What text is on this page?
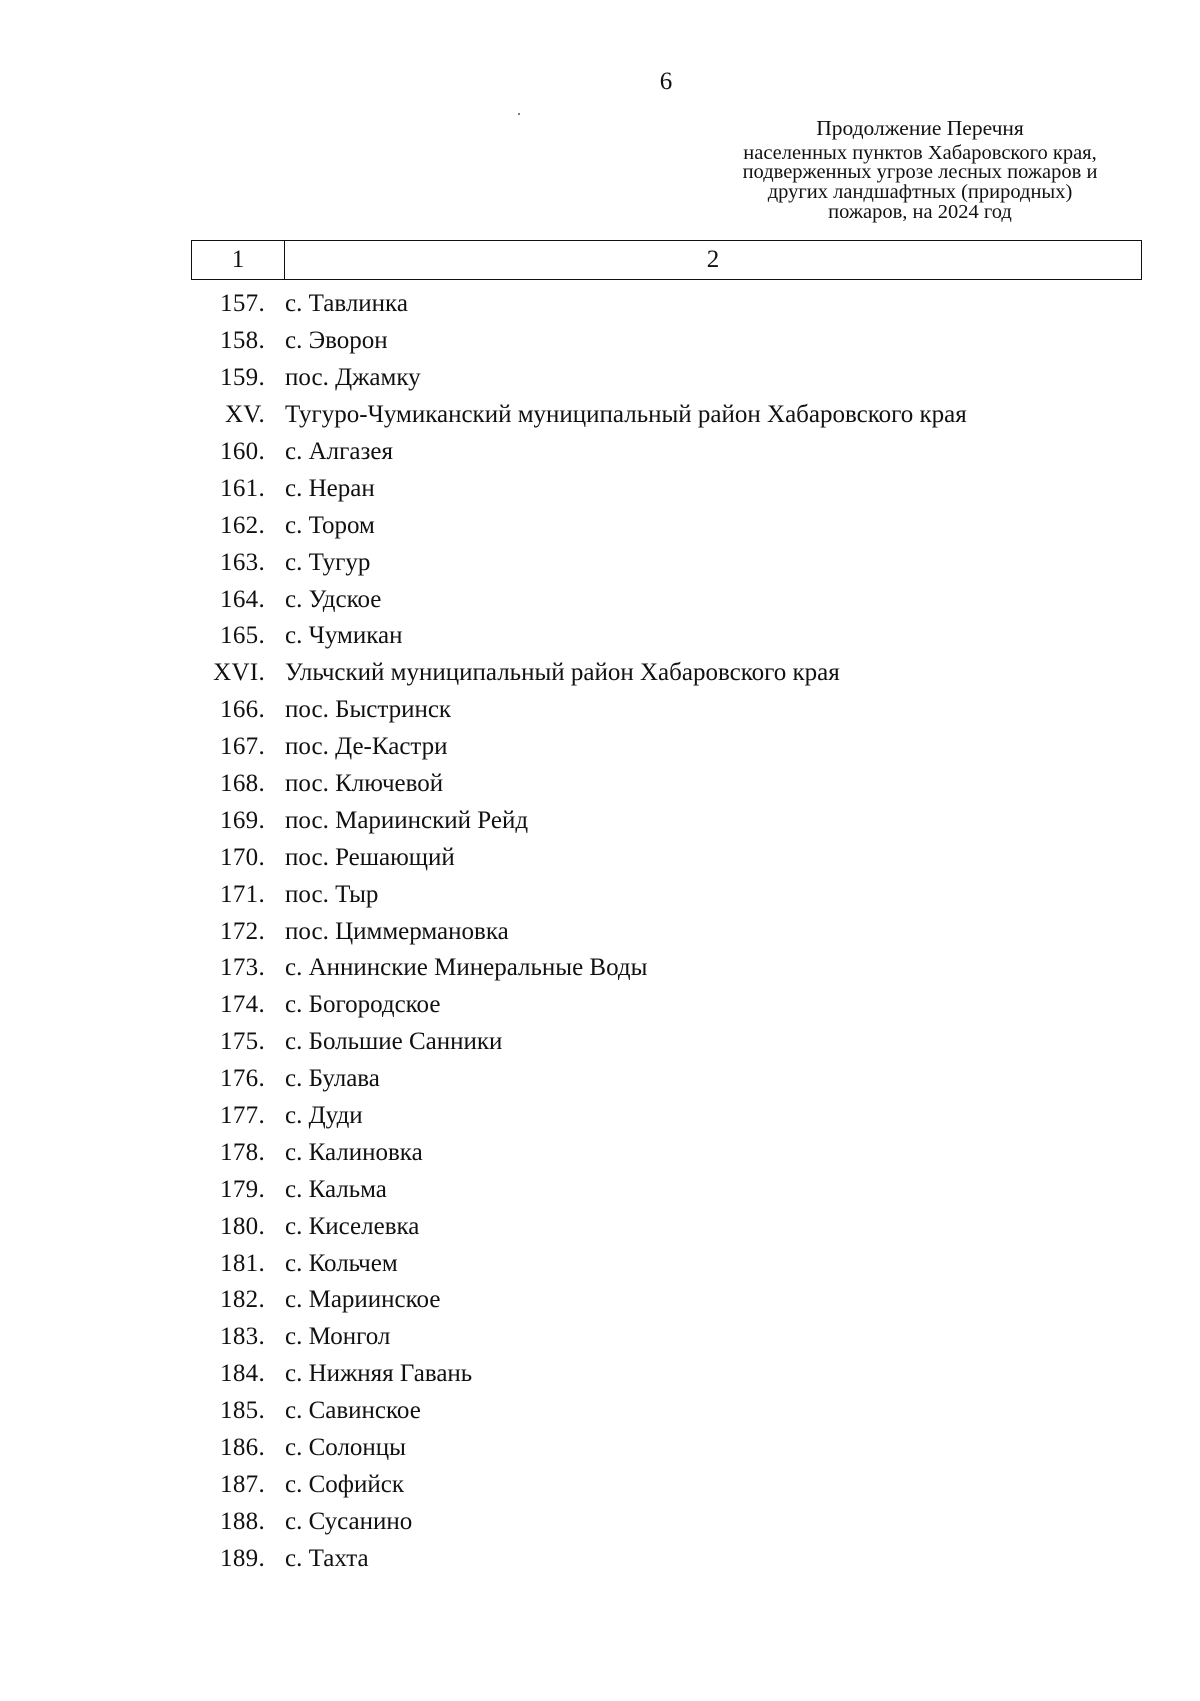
6
Продолжение Перечня
населенных пунктов Хабаровского края,
подверженных угрозе лесных пожаров и
других ландшафтных (природных)
пожаров, на 2024 год
1	2
157. с. Тавлинка
158. с. Эворон
159. пос. Джамку
XV. Тугуро-Чумиканский муниципальный район Хабаровского края
160. с. Алгазея
161. с. Неран
162. с. Тором
163. с. Тугур
164. с. Удское
165. с. Чумикан
XVI. Ульчский муниципальный район Хабаровского края
166. пос. Быстринск
167. пос. Де-Кастри
168. пос. Ключевой
169. пос. Мариинский Рейд
170. пос. Решающий
171. пос. Тыр
172. пос. Циммермановка
173. с. Аннинские Минеральные Воды
174. с. Богородское
175. с. Большие Санники
176. с. Булава
177. с. Дуди
178. с. Калиновка
179. с. Кальма
180. с. Киселевка
181. с. Кольчем
182. с. Мариинское
183. с. Монгол
184. с. Нижняя Гавань
185. с. Савинское
186. с. Солонцы
187. с. Софийск
188. с. Сусанино
189. с. Тахта
